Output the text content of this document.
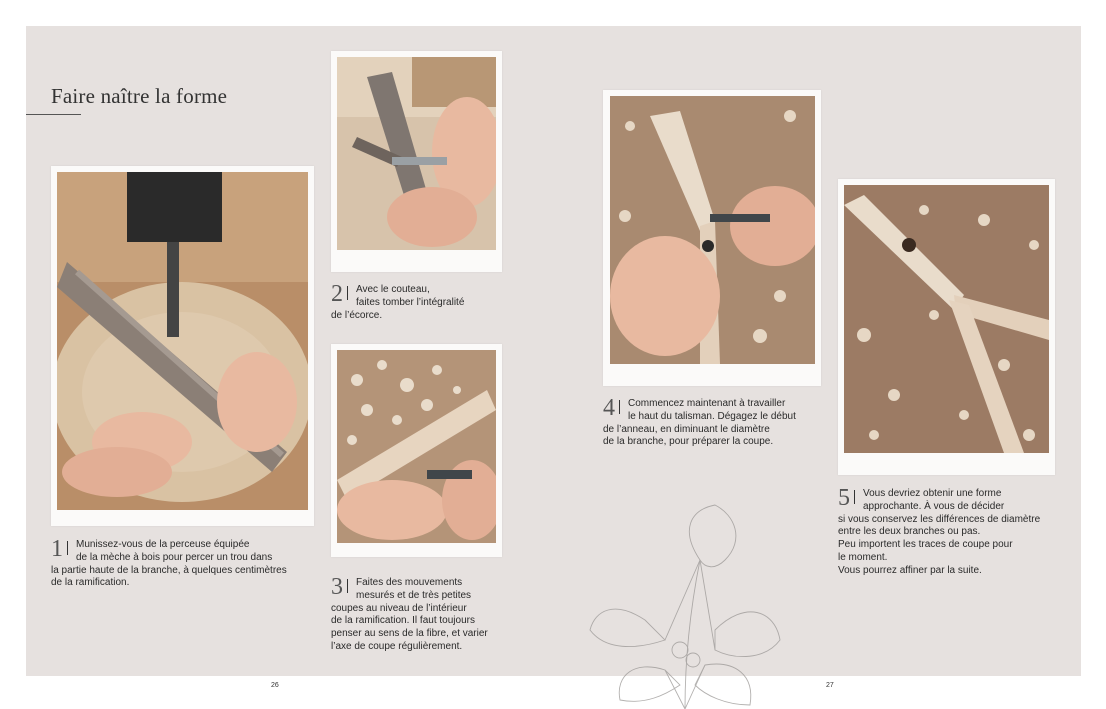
Faire naître la forme
1	Munissez-vous de la perceuse équipée
de la mèche à bois pour percer un trou dans
la partie haute de la branche, à quelques centimètres
de la ramification.
2	Avec le couteau,
faites tomber l’intégralité
de l’écorce.
3	Faites des mouvements
mesurés et de très petites
coupes au niveau de l’intérieur
de la ramification. Il faut toujours
penser au sens de la fibre, et varier
l’axe de coupe régulièrement.
4	Commencez maintenant à travailler
le haut du talisman. Dégagez le début
de l’anneau, en diminuant le diamètre
de la branche, pour préparer la coupe.
5	Vous devriez obtenir une forme
approchante. À vous de décider
si vous conservez les différences de diamètre
entre les deux branches ou pas.
Peu importent les traces de coupe pour
le moment.
Vous pourrez affiner par la suite.
26	27
